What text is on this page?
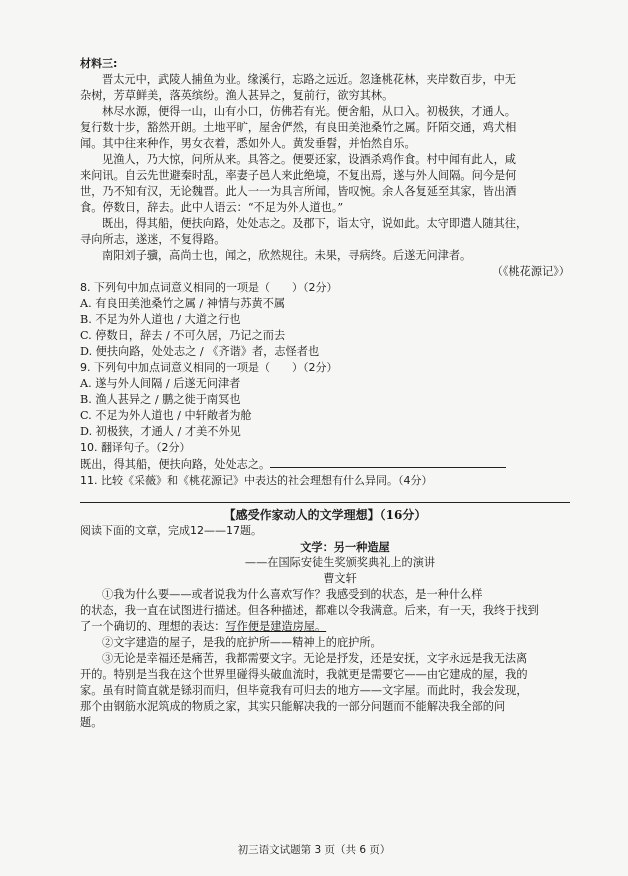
材料三:
晋太元中，武陵人捕鱼为业。缘溪行，忘路之远近。忽逢桃花林，夹岸数百步，中无
杂树，芳草鲜美，落英缤纷。渔人甚异之，复前行，欲穷其林。
林尽水源，便得一山，山有小口，仿佛若有光。便舍船，从口入。初极狭，才通人。
复行数十步，豁然开朗。土地平旷，屋舍俨然，有良田美池桑竹之属。阡陌交通，鸡犬相
闻。其中往来种作，男女衣着，悉如外人。黄发垂髫，并怡然自乐。
见渔人，乃大惊，问所从来。具答之。便要还家，设酒杀鸡作食。村中闻有此人，咸
来问讯。自云先世避秦时乱，率妻子邑人来此绝境，不复出焉，遂与外人间隔。问今是何
世，乃不知有汉，无论魏晋。此人一一为具言所闻，皆叹惋。余人各复延至其家，皆出酒
食。停数日，辞去。此中人语云：“不足为外人道也。”
既出，得其船，便扶向路，处处志之。及郡下，诣太守，说如此。太守即遣人随其往，
寻向所志，遂迷，不复得路。
南阳刘子骥，高尚士也，闻之，欣然规往。未果，寻病终。后遂无问津者。
（《桃花源记》）
8. 下列句中加点词意义相同的一项是（　　）（2分）
A. 有良田美池桑竹之属 / 神情与苏黄不属
B. 不足为外人道也 / 大道之行也
C. 停数日，辞去 / 不可久居，乃记之而去
D. 便扶向路，处处志之 / 《齐谐》者，志怪者也
9. 下列句中加点词意义相同的一项是（　　）（2分）
A. 遂与外人间隔 / 后遂无问津者
B. 渔人甚异之 / 鹏之徙于南冥也
C. 不足为外人道也 / 中轩敞者为舱
D. 初极狭，才通人 / 才美不外见
10. 翻译句子。（2分）
既出，得其船，便扶向路，处处志之。
11. 比较《采薇》和《桃花源记》中表达的社会理想有什么异同。（4分）
【感受作家动人的文学理想】（16分）
阅读下面的文章，完成12——17题。
文学：另一种造屋
——在国际安徒生奖颁奖典礼上的演讲
曹文轩
①我为什么要——或者说我为什么喜欢写作？我感受到的状态，是一种什么样
的状态，我一直在试图进行描述。但各种描述，都难以令我满意。后来，有一天，我终于找到
了一个确切的、理想的表达：写作便是建造房屋。
②文字建造的屋子，是我的庇护所——精神上的庇护所。
③无论是幸福还是痛苦，我都需要文字。无论是抒发，还是安抚，文字永远是我无法离
开的。特别是当我在这个世界里碰得头破血流时，我就更是需要它——由它建成的屋，我的
家。虽有时简直就是铩羽而归，但毕竟我有可归去的地方——文字屋。而此时，我会发现，
那个由钢筋水泥筑成的物质之家，其实只能解决我的一部分问题而不能解决我全部的问
题。
初三语文试题第 3 页（共 6 页）
